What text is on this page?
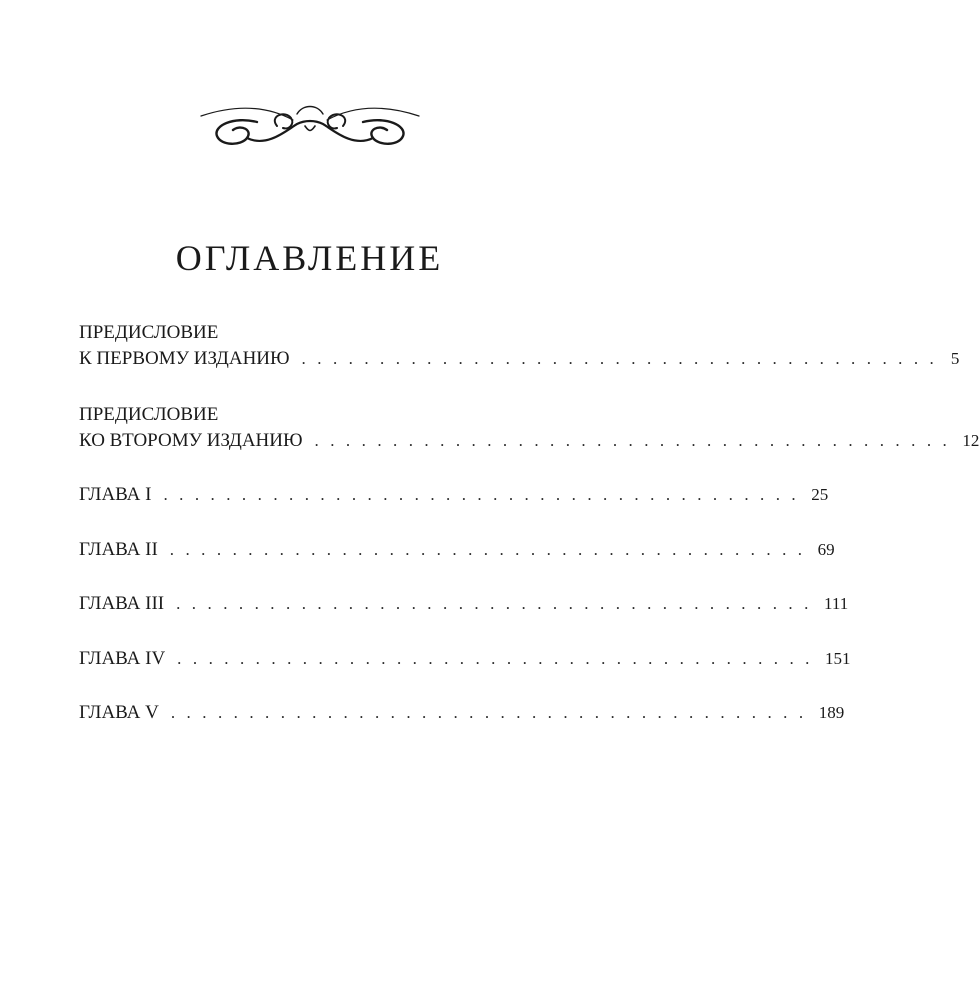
ОГЛАВЛЕНИЕ
ПРЕДИСЛОВИЕ
К ПЕРВОМУ ИЗДАНИЮ . . . . . . . . . . . . . . . . . . . . . . . . . . . . . . . . . . . . . . . . . 5
ПРЕДИСЛОВИЕ
КО ВТОРОМУ ИЗДАНИЮ . . . . . . . . . . . . . . . . . . . . . . . . . . . . . . . . . . . . . . . . . 12
ГЛАВА I . . . . . . . . . . . . . . . . . . . . . . . . . . . . . . . . . . . . . . . . . 25
ГЛАВА II . . . . . . . . . . . . . . . . . . . . . . . . . . . . . . . . . . . . . . . . . 69
ГЛАВА III . . . . . . . . . . . . . . . . . . . . . . . . . . . . . . . . . . . . . . . . . 111
ГЛАВА IV . . . . . . . . . . . . . . . . . . . . . . . . . . . . . . . . . . . . . . . . . 151
ГЛАВА V . . . . . . . . . . . . . . . . . . . . . . . . . . . . . . . . . . . . . . . . . 189
